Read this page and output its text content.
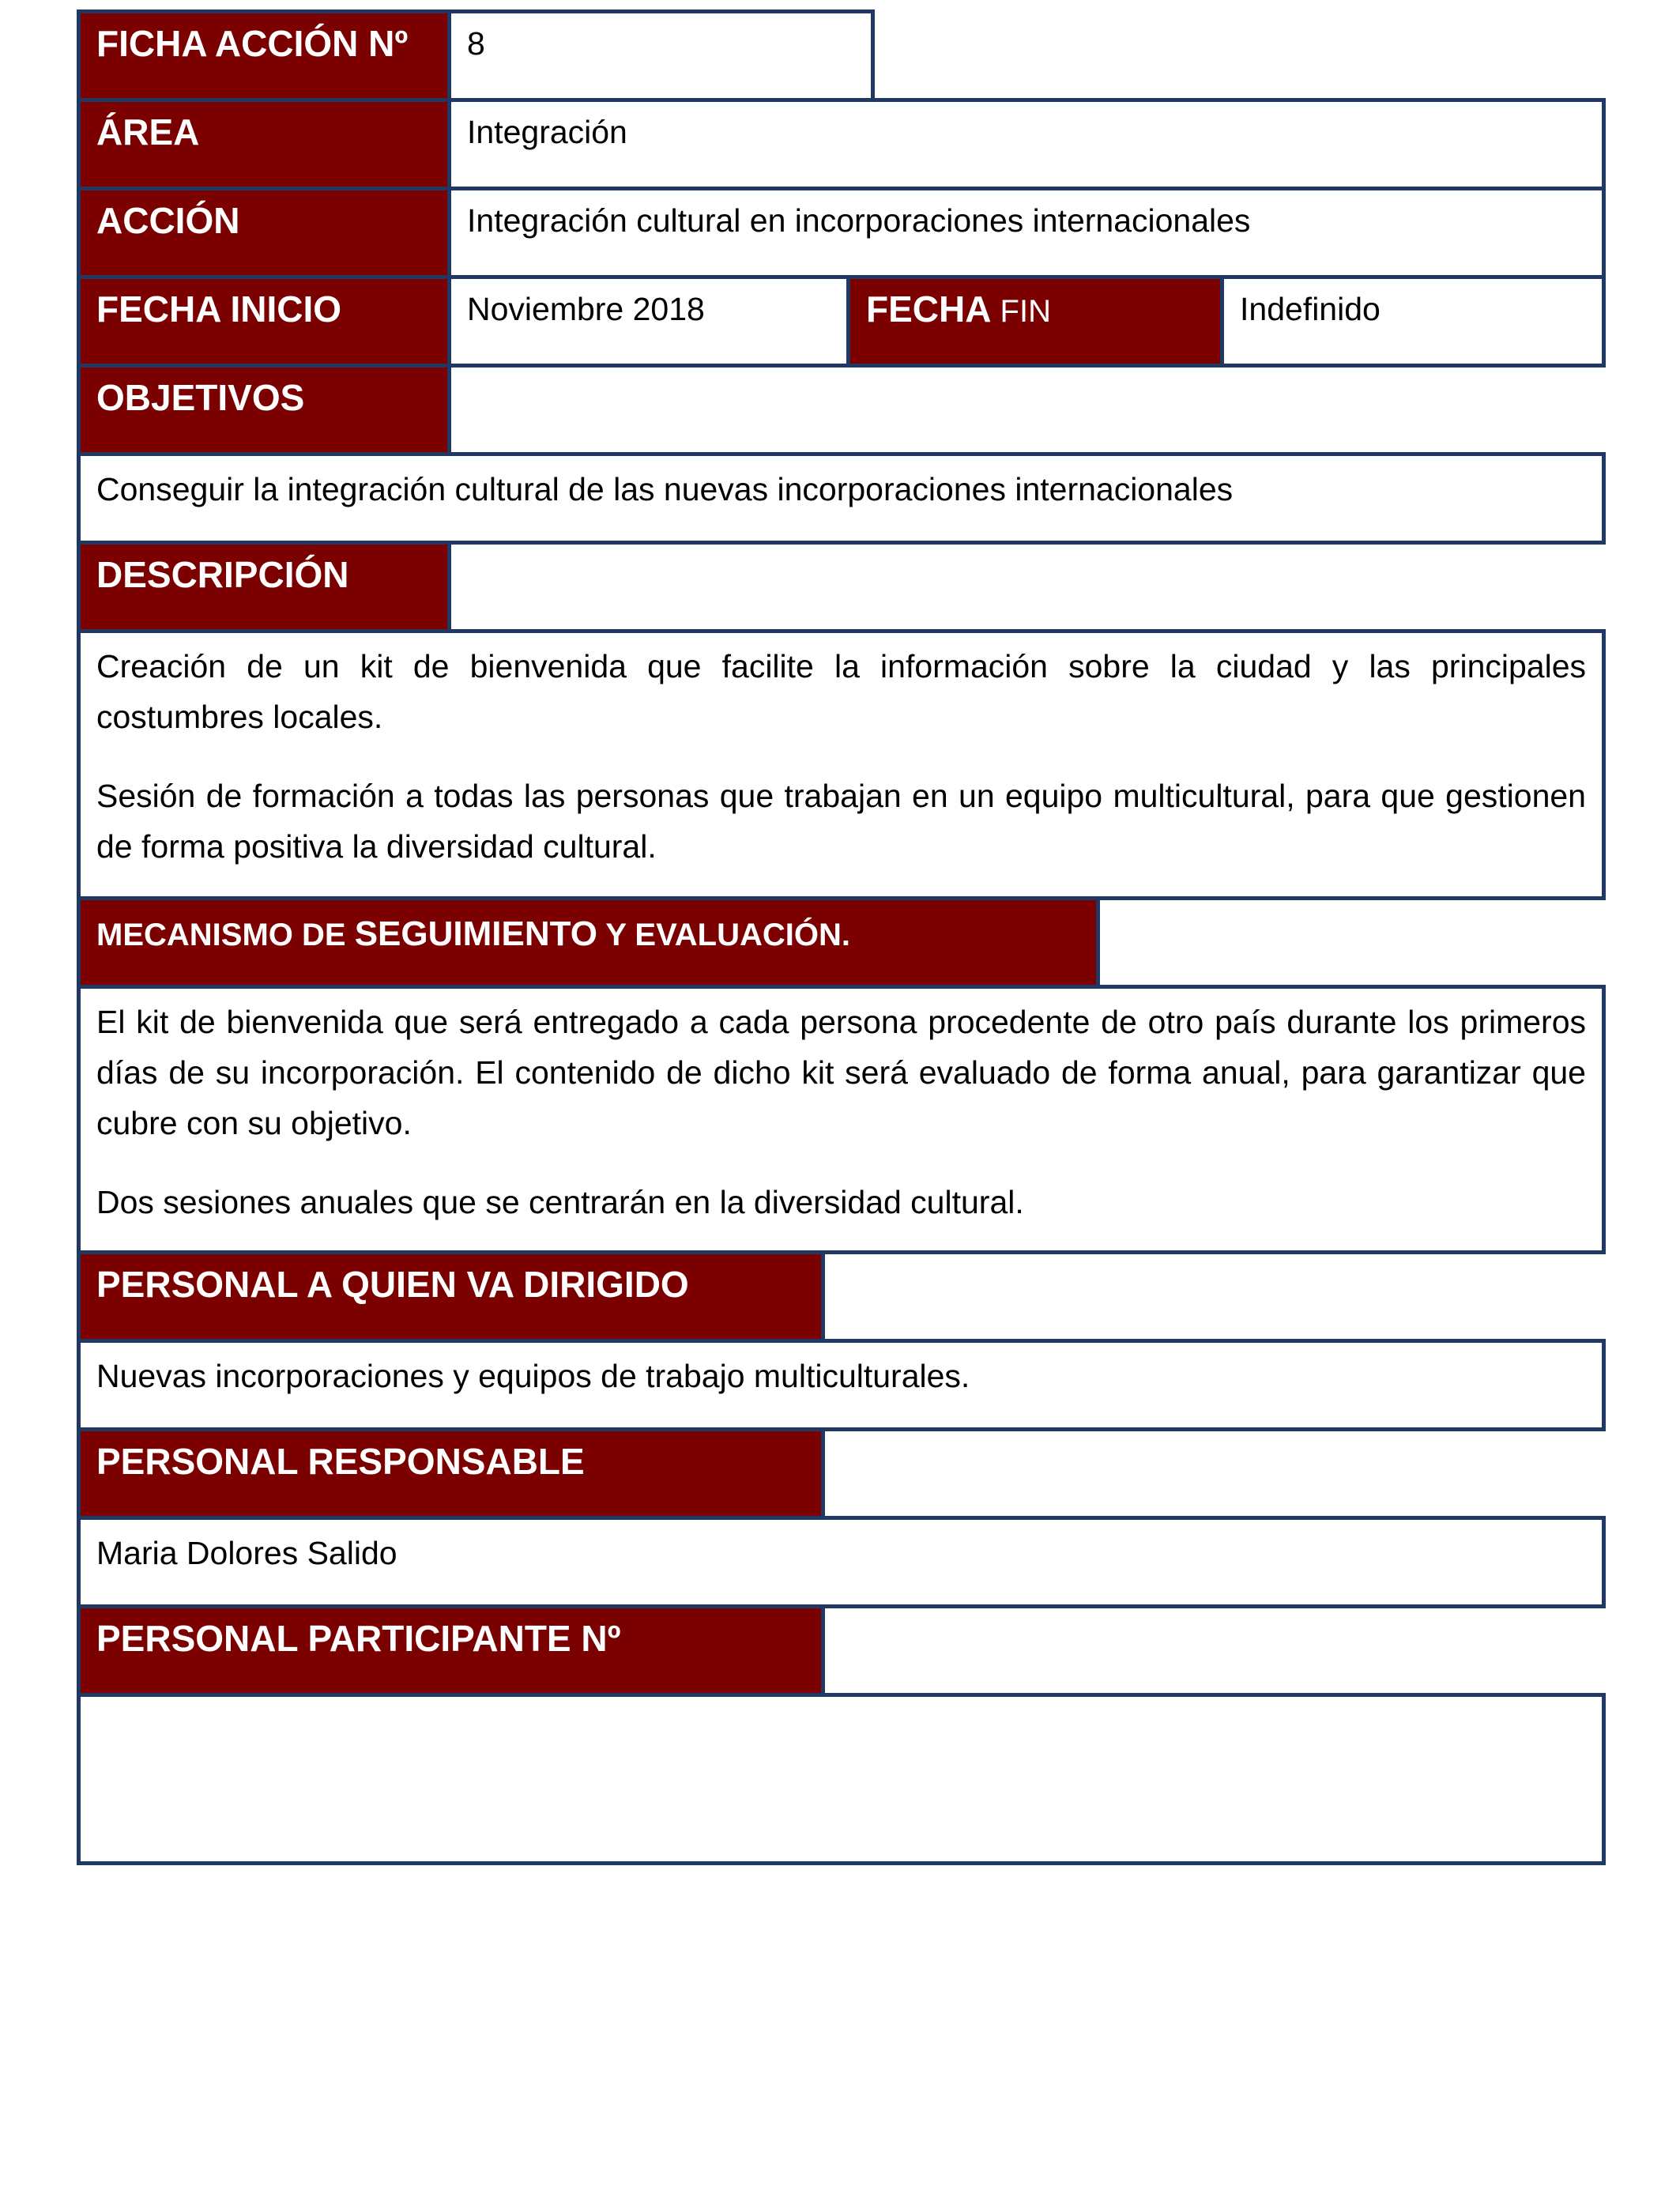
FICHA ACCIÓN Nº	8
ÁREA	Integración
ACCIÓN	Integración cultural en incorporaciones internacionales
FECHA INICIO	Noviembre 2018	FECHA FIN	Indefinido
OBJETIVOS

Conseguir la integración cultural de las nuevas incorporaciones internacionales

DESCRIPCIÓN

Creación de un kit de bienvenida que facilite la información sobre la ciudad y las principales costumbres locales.

Sesión de formación a todas las personas que trabajan en un equipo multicultural, para que gestionen de forma positiva la diversidad cultural.

MECANISMO DE SEGUIMIENTO Y EVALUACIÓN.

El kit de bienvenida que será entregado a cada persona procedente de otro país durante los primeros días de su incorporación. El contenido de dicho kit será evaluado de forma anual, para garantizar que cubre con su objetivo.

Dos sesiones anuales que se centrarán en la diversidad cultural.

PERSONAL A QUIEN VA DIRIGIDO

Nuevas incorporaciones y equipos de trabajo multiculturales.

PERSONAL RESPONSABLE

Maria Dolores Salido

PERSONAL PARTICIPANTE Nº
